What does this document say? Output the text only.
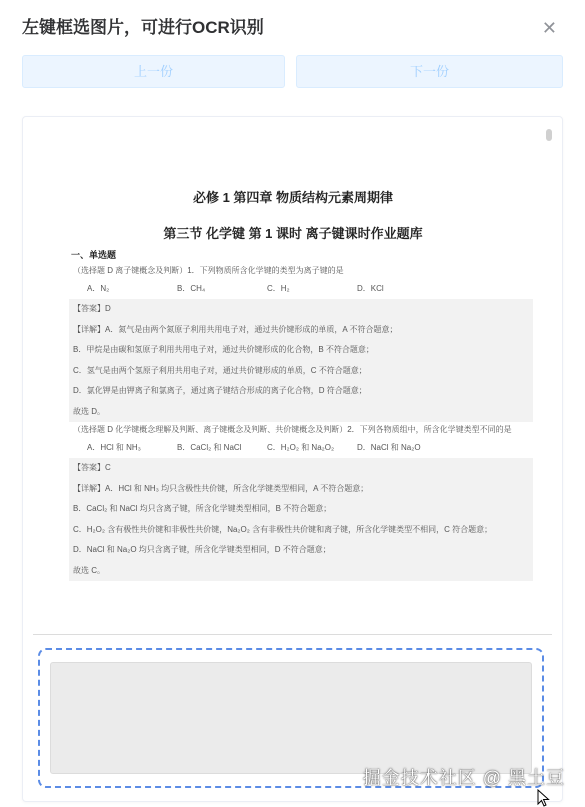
左键框选图片，可进行OCR识别	✕
上一份	下一份
必修 1 第四章 物质结构元素周期律
第三节 化学键 第 1 课时 离子键课时作业题库
一、单选题
（选择题 D 离子键概念及判断）1．下列物质所含化学键的类型为离子键的是
A．N₂	B．CH₄	C．H₂	D．KCl
【答案】D
【详解】A．氮气是由两个氮原子利用共用电子对，通过共价键形成的单质，A 不符合题意；
B．甲烷是由碳和氢原子利用共用电子对，通过共价键形成的化合物，B 不符合题意；
C．氢气是由两个氢原子利用共用电子对，通过共价键形成的单质，C 不符合题意；
D．氯化钾是由钾离子和氯离子，通过离子键结合形成的离子化合物，D 符合题意；
故选 D。
（选择题 D 化学键概念理解及判断、离子键概念及判断、共价键概念及判断）2．下列各物质组中，所含化学键类型不同的是
A．HCl 和 NH₃	B．CaCl₂ 和 NaCl	C．H₂O₂ 和 Na₂O₂	D．NaCl 和 Na₂O
【答案】C
【详解】A．HCl 和 NH₃ 均只含极性共价键，所含化学键类型相同，A 不符合题意；
B．CaCl₂ 和 NaCl 均只含离子键，所含化学键类型相同，B 不符合题意；
C．H₂O₂ 含有极性共价键和非极性共价键，Na₂O₂ 含有非极性共价键和离子键，所含化学键类型不相同，C 符合题意；
D．NaCl 和 Na₂O 均只含离子键，所含化学键类型相同，D 不符合题意；
故选 C。
掘金技术社区 @ 黑土豆
